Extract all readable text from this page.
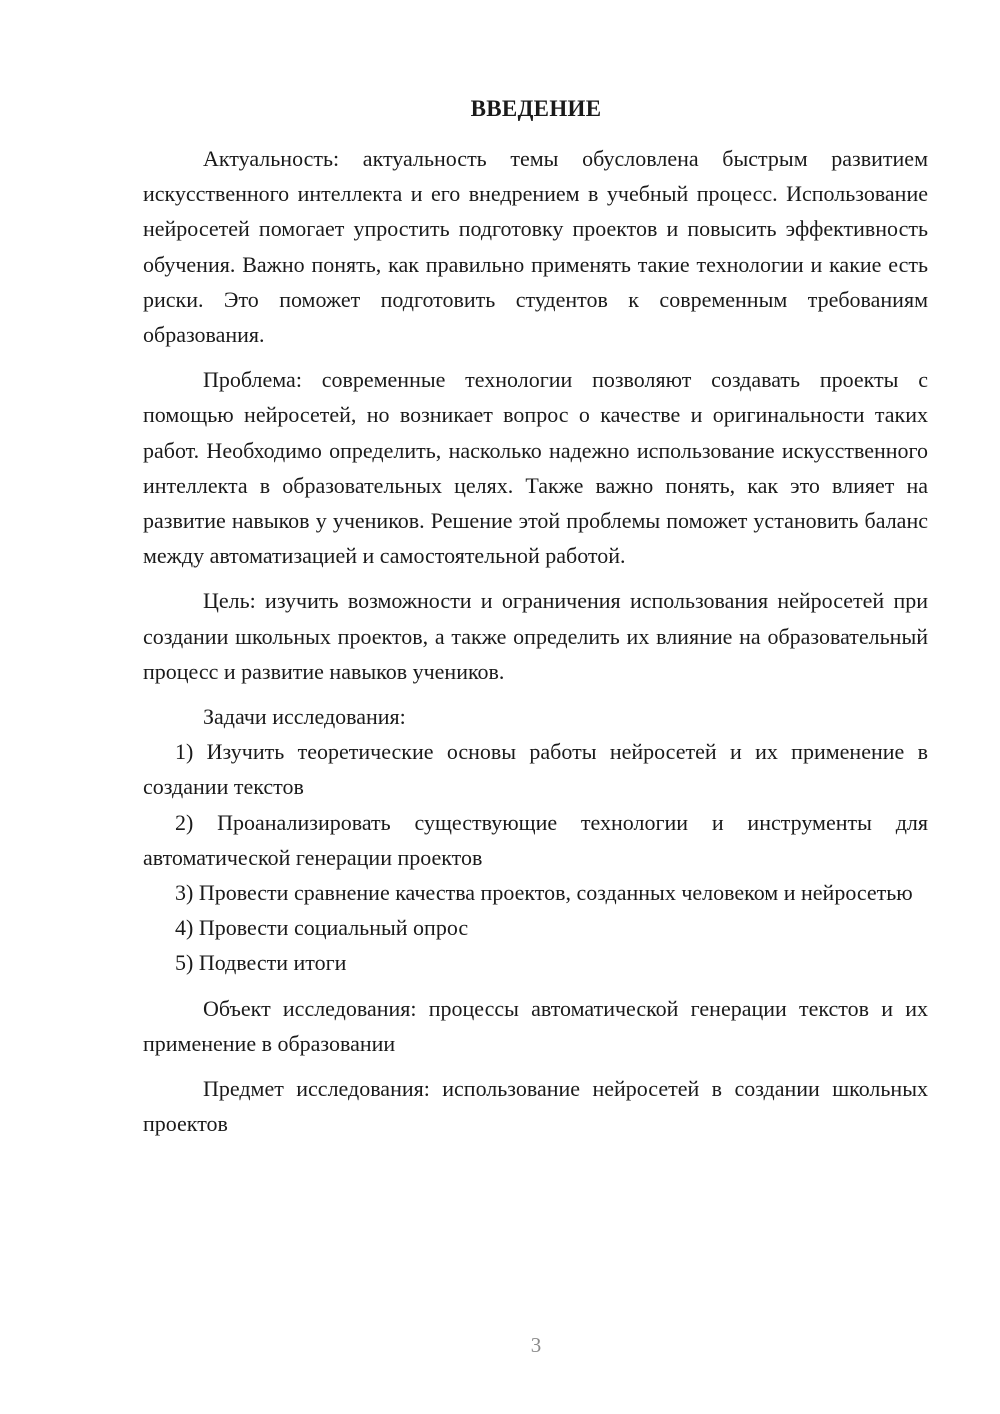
ВВЕДЕНИЕ

Актуальность: актуальность темы обусловлена быстрым развитием искусственного интеллекта и его внедрением в учебный процесс. Использование нейросетей помогает упростить подготовку проектов и повысить эффективность обучения. Важно понять, как правильно применять такие технологии и какие есть риски. Это поможет подготовить студентов к современным требованиям образования.

Проблема: современные технологии позволяют создавать проекты с помощью нейросетей, но возникает вопрос о качестве и оригинальности таких работ. Необходимо определить, насколько надежно использование искусственного интеллекта в образовательных целях. Также важно понять, как это влияет на развитие навыков у учеников. Решение этой проблемы поможет установить баланс между автоматизацией и самостоятельной работой.

Цель: изучить возможности и ограничения использования нейросетей при создании школьных проектов, а также определить их влияние на образовательный процесс и развитие навыков учеников.

Задачи исследования:

1) Изучить теоретические основы работы нейросетей и их применение в создании текстов

2) Проанализировать существующие технологии и инструменты для автоматической генерации проектов

3) Провести сравнение качества проектов, созданных человеком и нейросетью

4) Провести социальный опрос

5) Подвести итоги

Объект исследования: процессы автоматической генерации текстов и их применение в образовании

Предмет исследования: использование нейросетей в создании школьных проектов

3
